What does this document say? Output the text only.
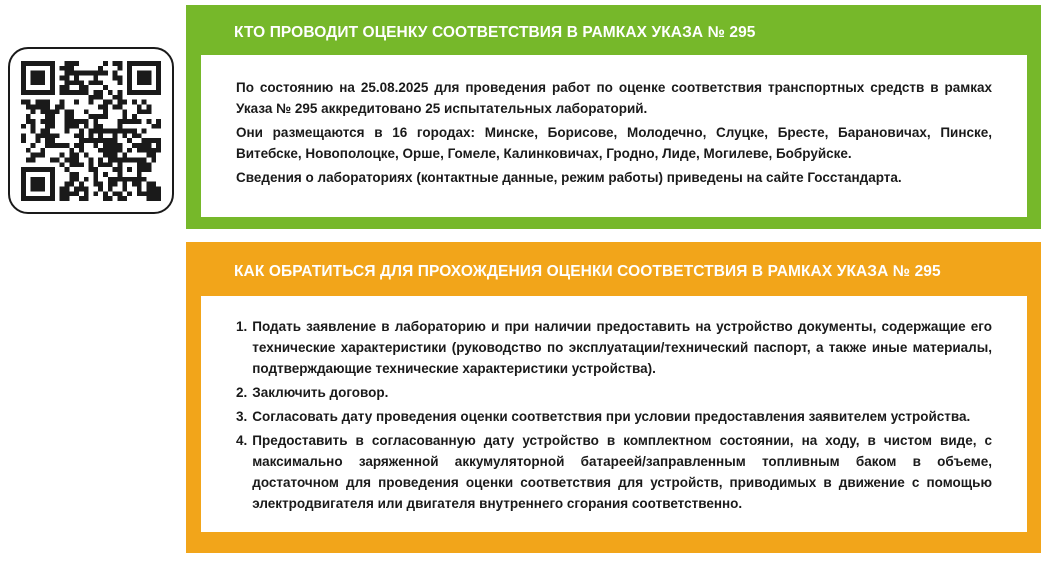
КТО ПРОВОДИТ ОЦЕНКУ СООТВЕТСТВИЯ В РАМКАХ УКАЗА № 295

По состоянию на 25.08.2025 для проведения работ по оценке соответствия транспортных средств в рамках Указа № 295 аккредитовано 25 испытательных лабораторий.

Они размещаются в 16 городах: Минске, Борисове, Молодечно, Слуцке, Бресте, Барановичах, Пинске, Витебске, Новополоцке, Орше, Гомеле, Калинковичах, Гродно, Лиде, Могилеве, Бобруйске.

Сведения о лабораториях (контактные данные, режим работы) приведены на сайте Госстандарта.

КАК ОБРАТИТЬСЯ ДЛЯ ПРОХОЖДЕНИЯ ОЦЕНКИ СООТВЕТСТВИЯ В РАМКАХ УКАЗА № 295
1. Подать заявление в лабораторию и при наличии предоставить на устройство документы, содержащие его технические характеристики (руководство по эксплуатации/технический паспорт, а также иные материалы, подтверждающие технические характеристики устройства).
2. Заключить договор.
3. Согласовать дату проведения оценки соответствия при условии предоставления заявителем устройства.
4. Предоставить в согласованную дату устройство в комплектном состоянии, на ходу, в чистом виде, с максимально заряженной аккумуляторной батареей/заправленным топливным баком в объеме, достаточном для проведения оценки соответствия для устройств, приводимых в движение с помощью электродвигателя или двигателя внутреннего сгорания соответственно.
